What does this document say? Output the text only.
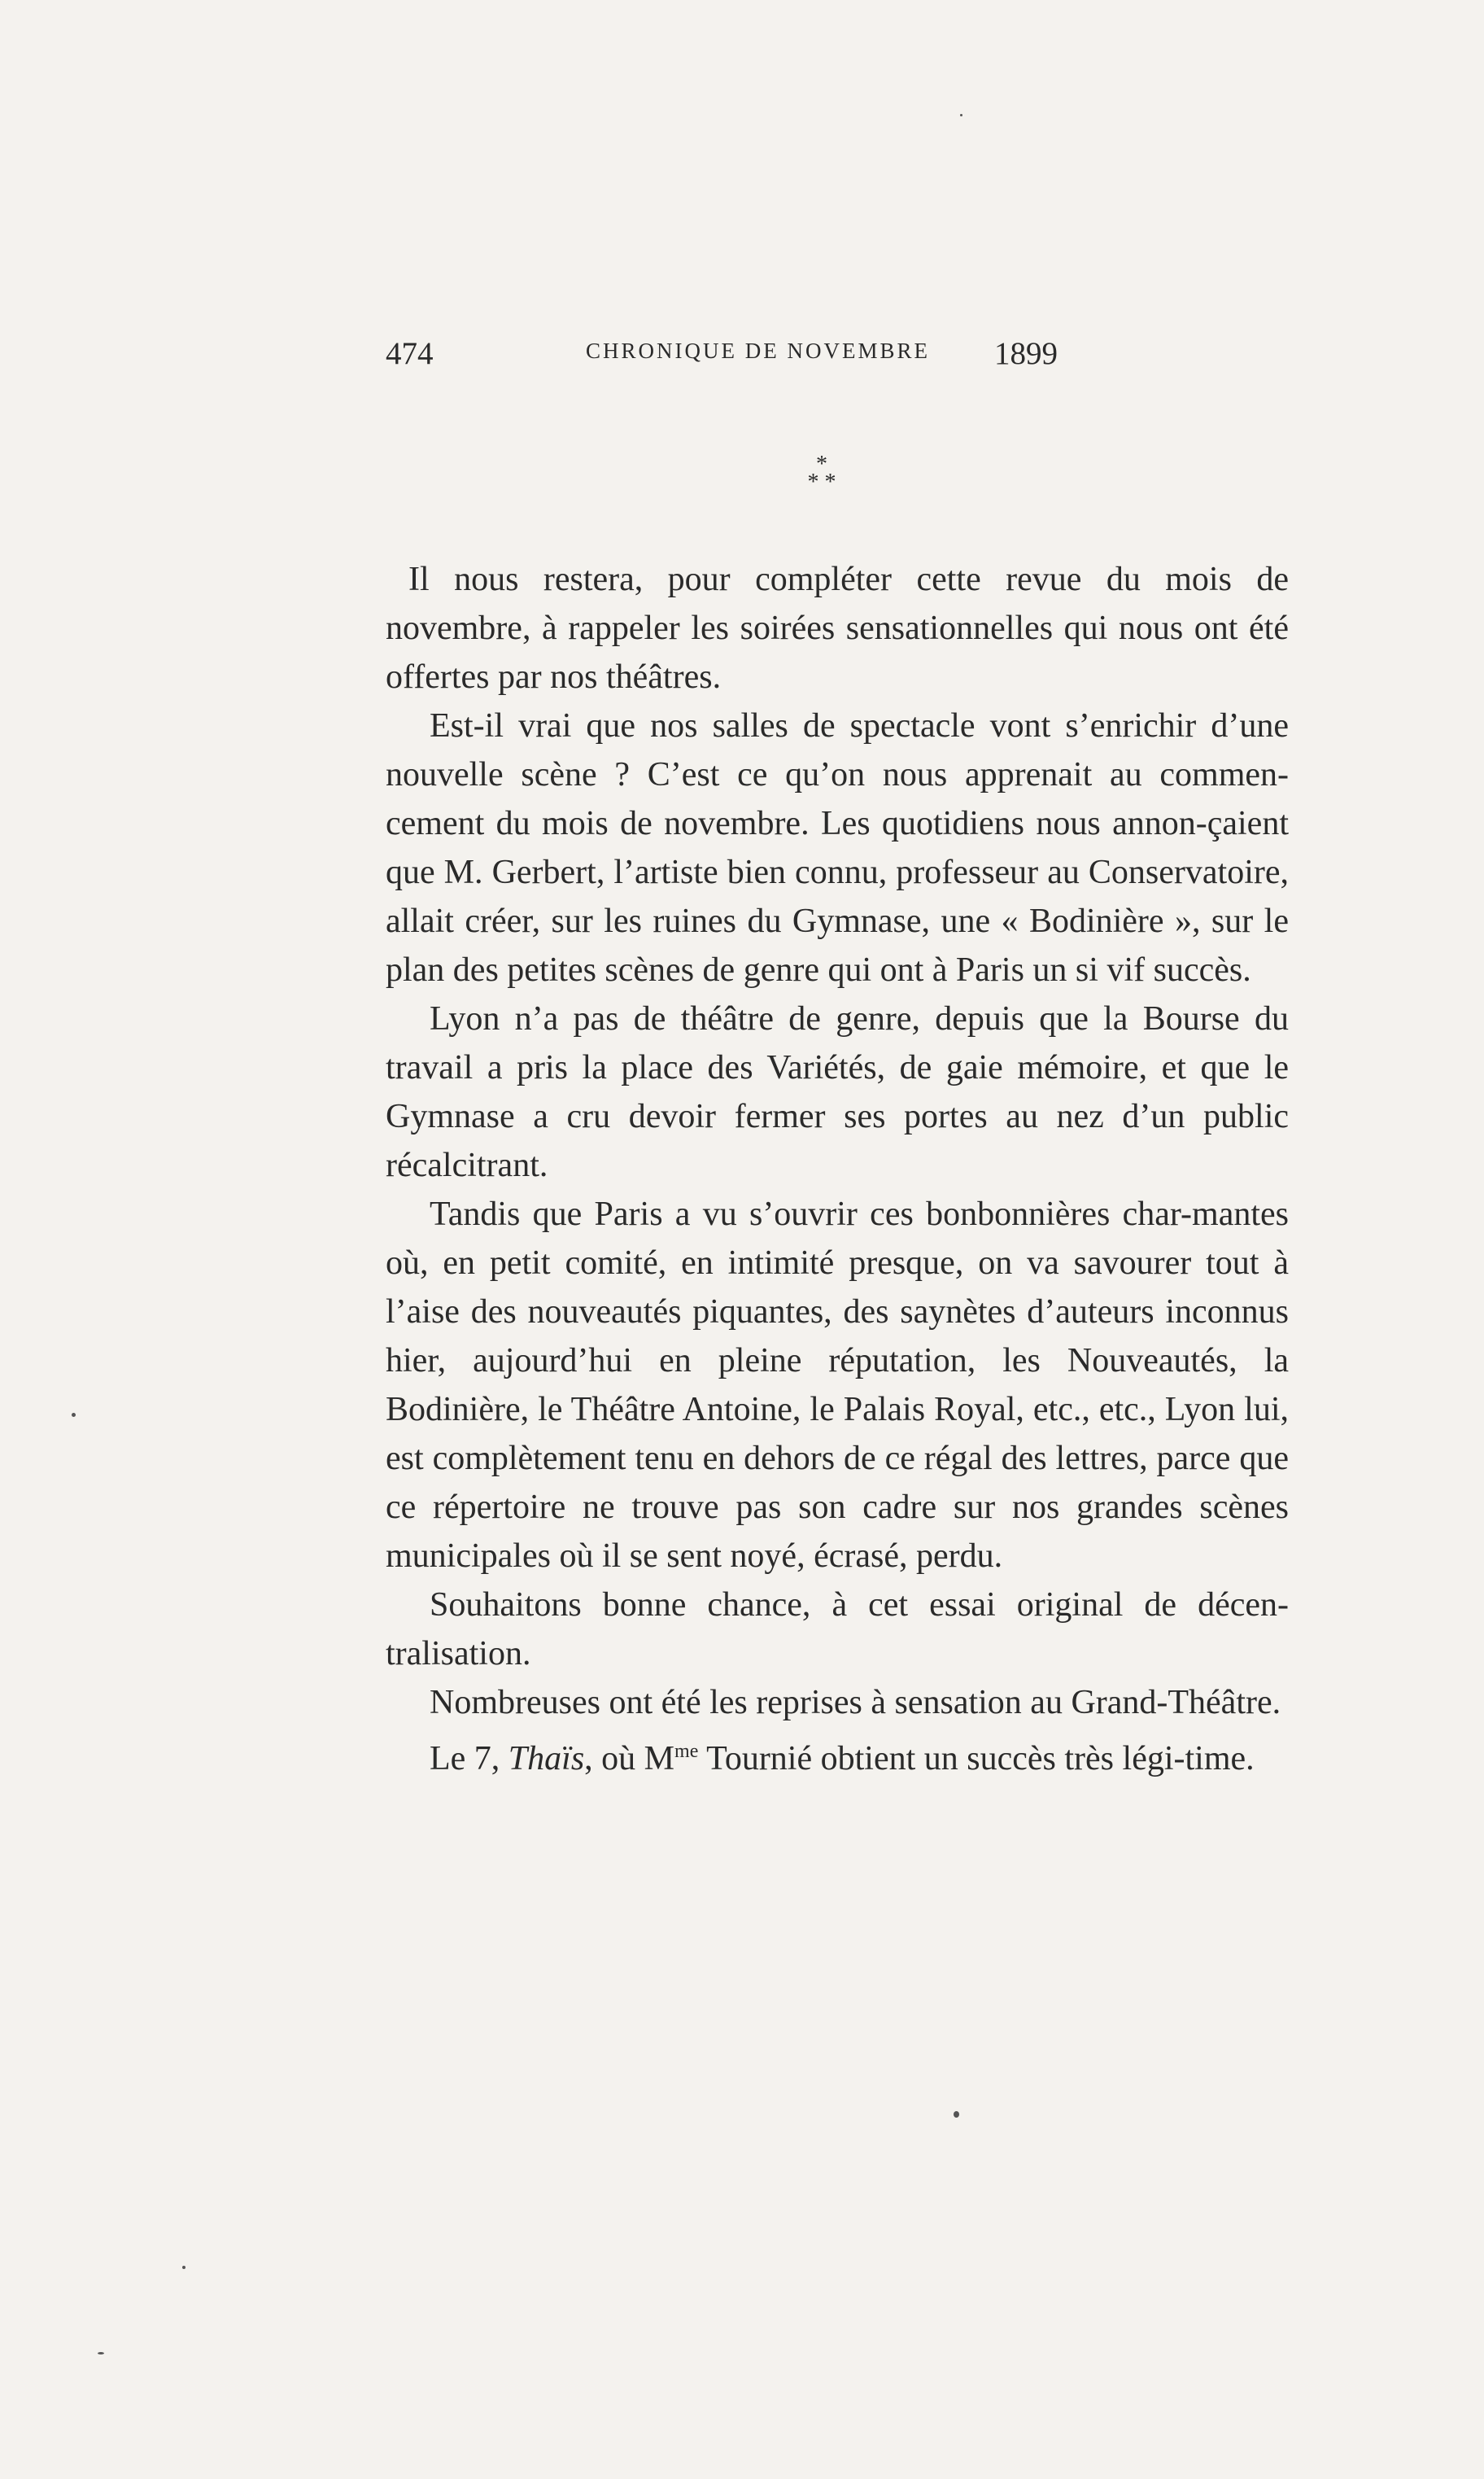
474	CHRONIQUE DE NOVEMBRE 1899
*
* *

Il nous restera, pour compléter cette revue du mois de novembre, à rappeler les soirées sensationnelles qui nous ont été offertes par nos théâtres.

Est-il vrai que nos salles de spectacle vont s’enrichir d’une nouvelle scène ? C’est ce qu’on nous apprenait au commen-cement du mois de novembre. Les quotidiens nous annon-çaient que M. Gerbert, l’artiste bien connu, professeur au Conservatoire, allait créer, sur les ruines du Gymnase, une « Bodinière », sur le plan des petites scènes de genre qui ont à Paris un si vif succès.

Lyon n’a pas de théâtre de genre, depuis que la Bourse du travail a pris la place des Variétés, de gaie mémoire, et que le Gymnase a cru devoir fermer ses portes au nez d’un public récalcitrant.

Tandis que Paris a vu s’ouvrir ces bonbonnières char-mantes où, en petit comité, en intimité presque, on va savourer tout à l’aise des nouveautés piquantes, des saynètes d’auteurs inconnus hier, aujourd’hui en pleine réputation, les Nouveautés, la Bodinière, le Théâtre Antoine, le Palais Royal, etc., etc., Lyon lui, est complètement tenu en dehors de ce régal des lettres, parce que ce répertoire ne trouve pas son cadre sur nos grandes scènes municipales où il se sent noyé, écrasé, perdu.

Souhaitons bonne chance, à cet essai original de décen-tralisation.

Nombreuses ont été les reprises à sensation au Grand-Théâtre.

Le 7, Thaïs, où $M^{me}$ Tournié obtient un succès très légi-time.
